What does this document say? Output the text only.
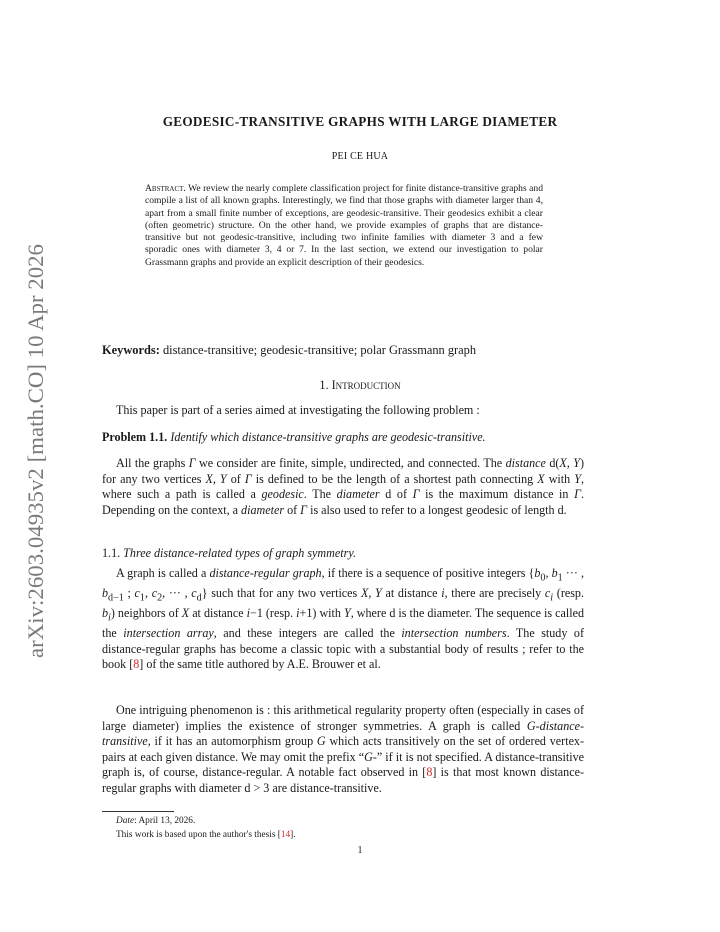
arXiv:2603.04935v2 [math.CO] 10 Apr 2026
GEODESIC-TRANSITIVE GRAPHS WITH LARGE DIAMETER
PEI CE HUA
Abstract. We review the nearly complete classification project for finite distance-transitive graphs and compile a list of all known graphs. Interestingly, we find that those graphs with diameter larger than 4, apart from a small finite number of exceptions, are geodesic-transitive. Their geodesics exhibit a clear (often geometric) structure. On the other hand, we provide examples of graphs that are distance-transitive but not geodesic-transitive, including two infinite families with diameter 3 and a few sporadic ones with diameter 3, 4 or 7. In the last section, we extend our investigation to polar Grassmann graphs and provide an explicit description of their geodesics.
Keywords: distance-transitive; geodesic-transitive; polar Grassmann graph
1. Introduction
This paper is part of a series aimed at investigating the following problem :
Problem 1.1. Identify which distance-transitive graphs are geodesic-transitive.
All the graphs Γ we consider are finite, simple, undirected, and connected. The distance d(X, Y) for any two vertices X, Y of Γ is defined to be the length of a shortest path connecting X with Y, where such a path is called a geodesic. The diameter d of Γ is the maximum distance in Γ. Depending on the context, a diameter of Γ is also used to refer to a longest geodesic of length d.
1.1. Three distance-related types of graph symmetry.
A graph is called a distance-regular graph, if there is a sequence of positive integers {$b_0$, $b_1$ ··· , $b_{d-1}$ ; $c_1$, $c_2$, ··· , $c_d$} such that for any two vertices X, Y at distance i, there are precisely $c_i$ (resp. $b_i$) neighbors of X at distance i−1 (resp. i+1) with Y, where d is the diameter. The sequence is called the intersection array, and these integers are called the intersection numbers. The study of distance-regular graphs has become a classic topic with a substantial body of results ; refer to the book [8] of the same title authored by A.E. Brouwer et al.
One intriguing phenomenon is : this arithmetical regularity property often (especially in cases of large diameter) implies the existence of stronger symmetries. A graph is called G-distance-transitive, if it has an automorphism group G which acts transitively on the set of ordered vertex-pairs at each given distance. We may omit the prefix “G-” if it is not specified. A distance-transitive graph is, of course, distance-regular. A notable fact observed in [8] is that most known distance-regular graphs with diameter d > 3 are distance-transitive.
Date: April 13, 2026.
This work is based upon the author's thesis [14].
1
